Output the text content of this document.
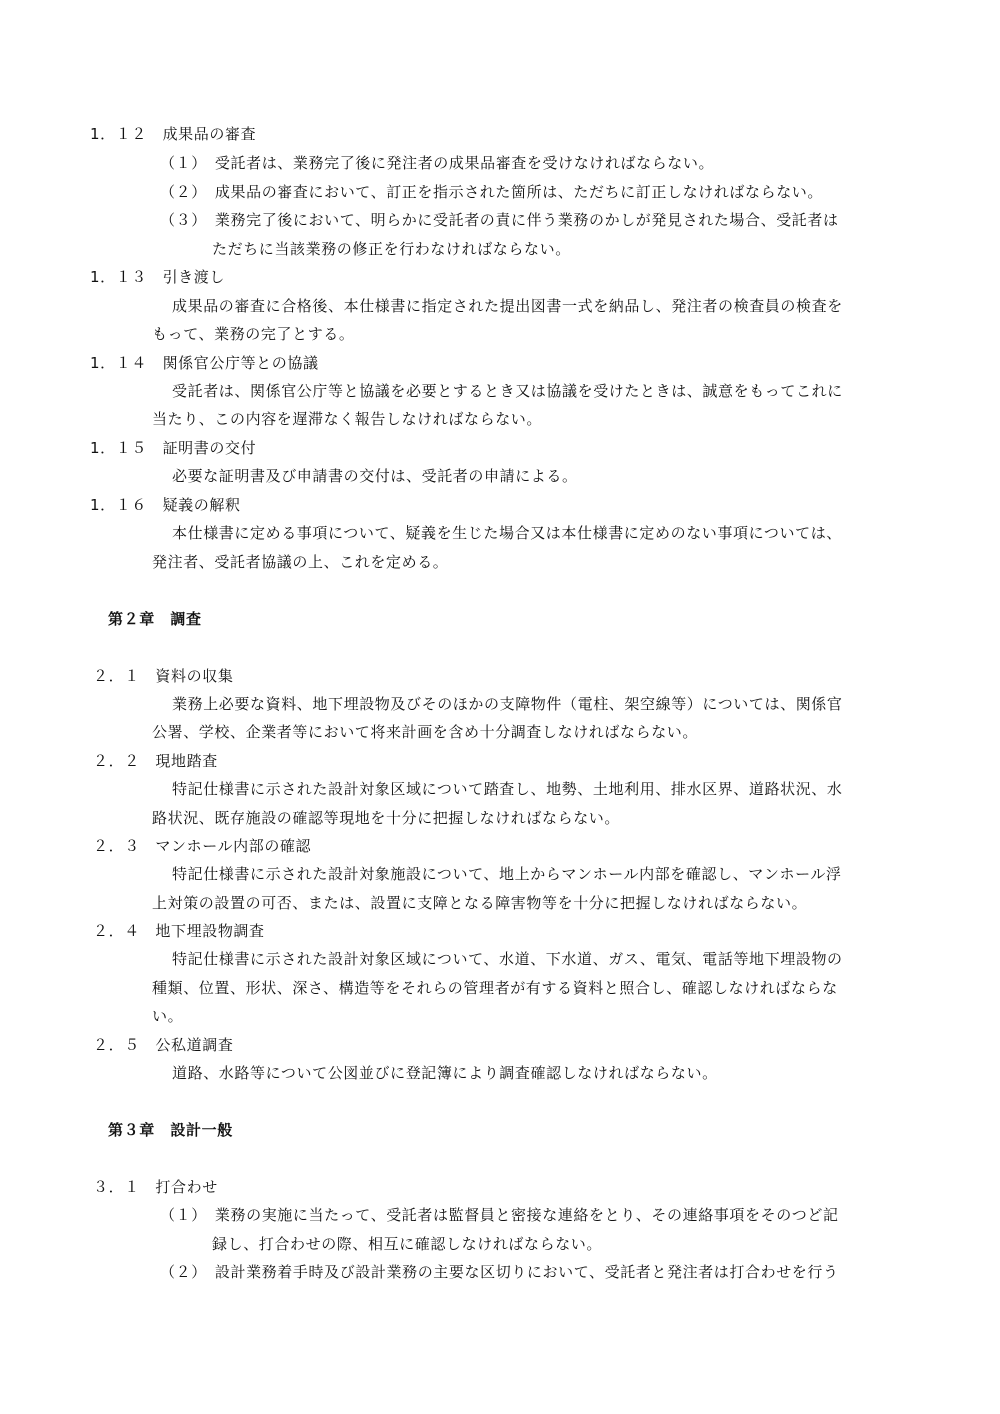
1．１２　 成果品の審査
（１）　受託者は、業務完了後に発注者の成果品審査を受けなければならない。
（２）　成果品の審査において、訂正を指示された箇所は、ただちに訂正しなければならない。
（３）　業務完了後において、明らかに受託者の責に伴う業務のかしが発見された場合、受託者は
ただちに当該業務の修正を行わなければならない。
1．１３　 引き渡し
成果品の審査に合格後、本仕様書に指定された提出図書一式を納品し、発注者の検査員の検査を
もって、業務の完了とする。
1．１４　 関係官公庁等との協議
受託者は、関係官公庁等と協議を必要とするとき又は協議を受けたときは、誠意をもってこれに
当たり、この内容を遅滞なく報告しなければならない。
1．１５　 証明書の交付
必要な証明書及び申請書の交付は、受託者の申請による。
1．１６　 疑義の解釈
本仕様書に定める事項について、疑義を生じた場合又は本仕様書に定めのない事項については、
発注者、受託者協議の上、これを定める。
第２章　 調査
２．１　 資料の収集
業務上必要な資料、地下埋設物及びそのほかの支障物件（電柱、架空線等）については、関係官
公署、学校、企業者等において将来計画を含め十分調査しなければならない。
２．２　 現地踏査
特記仕様書に示された設計対象区域について踏査し、地勢、土地利用、排水区界、道路状況、水
路状況、既存施設の確認等現地を十分に把握しなければならない。
２．３　 マンホール内部の確認
特記仕様書に示された設計対象施設について、地上からマンホール内部を確認し、マンホール浮
上対策の設置の可否、または、設置に支障となる障害物等を十分に把握しなければならない。
２．４　 地下埋設物調査
特記仕様書に示された設計対象区域について、水道、下水道、ガス、電気、電話等地下埋設物の
種類、位置、形状、深さ、構造等をそれらの管理者が有する資料と照合し、確認しなければならな
い。
２．５　 公私道調査
道路、水路等について公図並びに登記簿により調査確認しなければならない。
第３章　 設計一般
３．１　 打合わせ
（１）　業務の実施に当たって、受託者は監督員と密接な連絡をとり、その連絡事項をそのつど記
録し、打合わせの際、相互に確認しなければならない。
（２）　設計業務着手時及び設計業務の主要な区切りにおいて、受託者と発注者は打合わせを行う
